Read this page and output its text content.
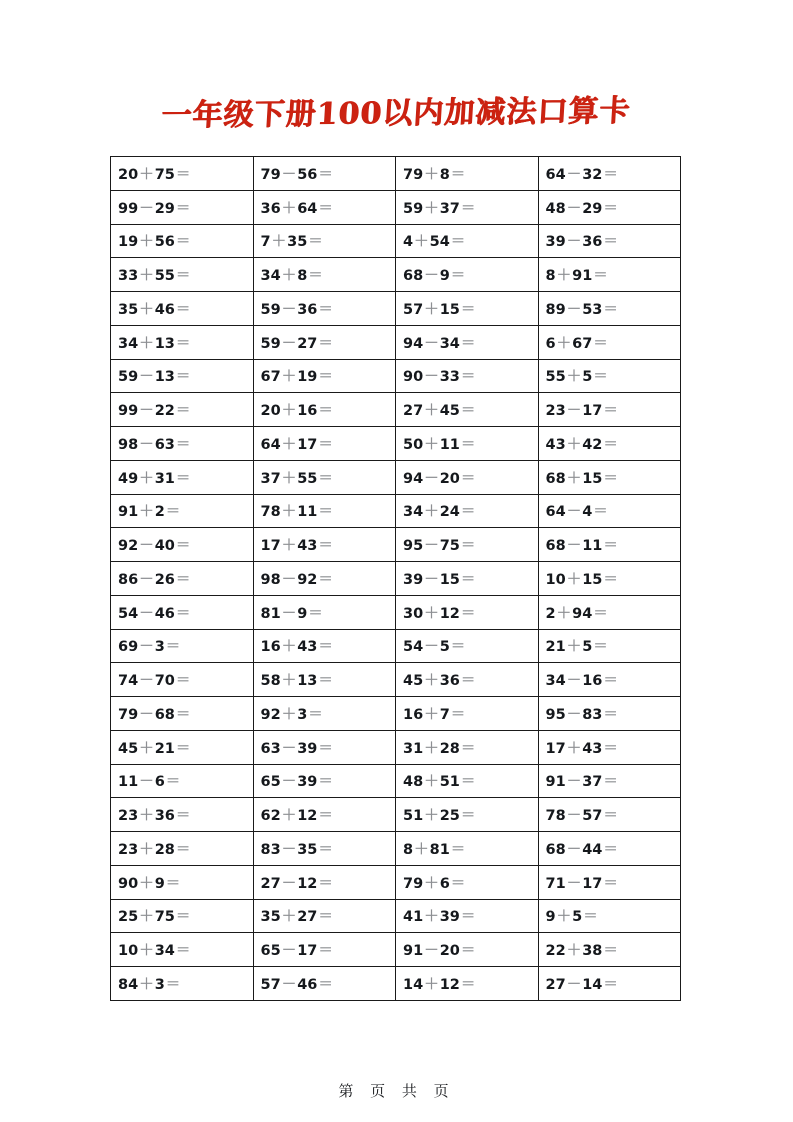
一年级下册100以内加减法口算卡
20＋75＝	79－56＝	79＋8＝	64－32＝
99－29＝	36＋64＝	59＋37＝	48－29＝
19＋56＝	7＋35＝	4＋54＝	39－36＝
33＋55＝	34＋8＝	68－9＝	8＋91＝
35＋46＝	59－36＝	57＋15＝	89－53＝
34＋13＝	59－27＝	94－34＝	6＋67＝
59－13＝	67＋19＝	90－33＝	55＋5＝
99－22＝	20＋16＝	27＋45＝	23－17＝
98－63＝	64＋17＝	50＋11＝	43＋42＝
49＋31＝	37＋55＝	94－20＝	68＋15＝
91＋2＝	78＋11＝	34＋24＝	64－4＝
92－40＝	17＋43＝	95－75＝	68－11＝
86－26＝	98－92＝	39－15＝	10＋15＝
54－46＝	81－9＝	30＋12＝	2＋94＝
69－3＝	16＋43＝	54－5＝	21＋5＝
74－70＝	58＋13＝	45＋36＝	34－16＝
79－68＝	92＋3＝	16＋7＝	95－83＝
45＋21＝	63－39＝	31＋28＝	17＋43＝
11－6＝	65－39＝	48＋51＝	91－37＝
23＋36＝	62＋12＝	51＋25＝	78－57＝
23＋28＝	83－35＝	8＋81＝	68－44＝
90＋9＝	27－12＝	79＋6＝	71－17＝
25＋75＝	35＋27＝	41＋39＝	9＋5＝
10＋34＝	65－17＝	91－20＝	22＋38＝
84＋3＝	57－46＝	14＋12＝	27－14＝
第 页 共 页
